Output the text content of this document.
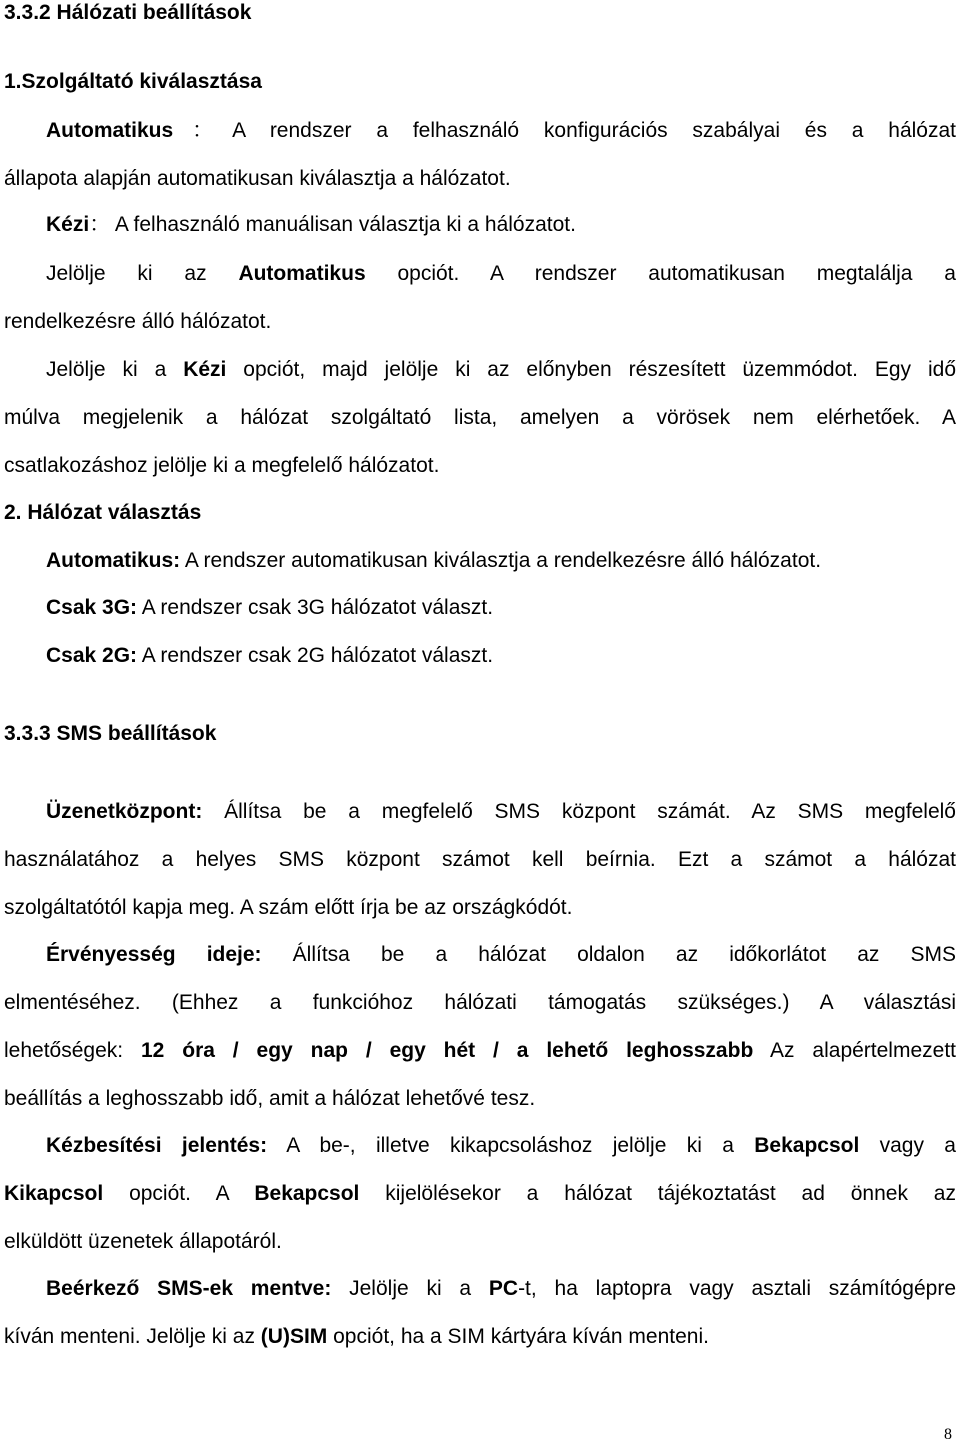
3.3.2 Hálózati beállítások
1.Szolgáltató kiválasztása
Automatikus：A rendszer a felhasználó konfigurációs szabályai és a hálózat
állapota alapján automatikusan kiválasztja a hálózatot.
Kézi： A felhasználó manuálisan választja ki a hálózatot.
Jelölje ki az Automatikus opciót. A rendszer automatikusan megtalálja a
rendelkezésre álló hálózatot.
Jelölje ki a Kézi opciót, majd jelölje ki az előnyben részesített üzemmódot. Egy idő
múlva megjelenik a hálózat szolgáltató lista, amelyen a vörösek nem elérhetőek. A
csatlakozáshoz jelölje ki a megfelelő hálózatot.
2. Hálózat választás
Automatikus: A rendszer automatikusan kiválasztja a rendelkezésre álló hálózatot.
Csak 3G: A rendszer csak 3G hálózatot választ.
Csak 2G: A rendszer csak 2G hálózatot választ.
3.3.3 SMS beállítások
Üzenetközpont: Állítsa be a megfelelő SMS központ számát. Az SMS megfelelő
használatához a helyes SMS központ számot kell beírnia. Ezt a számot a hálózat
szolgáltatótól kapja meg. A szám előtt írja be az országkódót.
Érvényesség ideje: Állítsa be a hálózat oldalon az időkorlátot az SMS
elmentéséhez. (Ehhez a funkcióhoz hálózati támogatás szükséges.) A választási
lehetőségek: 12 óra / egy nap / egy hét / a lehető leghosszabb Az alapértelmezett
beállítás a leghosszabb idő, amit a hálózat lehetővé tesz.
Kézbesítési jelentés: A be-, illetve kikapcsoláshoz jelölje ki a Bekapcsol vagy a
Kikapcsol opciót. A Bekapcsol kijelölésekor a hálózat tájékoztatást ad önnek az
elküldött üzenetek állapotáról.
Beérkező SMS-ek mentve: Jelölje ki a PC-t, ha laptopra vagy asztali számítógépre
kíván menteni. Jelölje ki az (U)SIM opciót, ha a SIM kártyára kíván menteni.
8
